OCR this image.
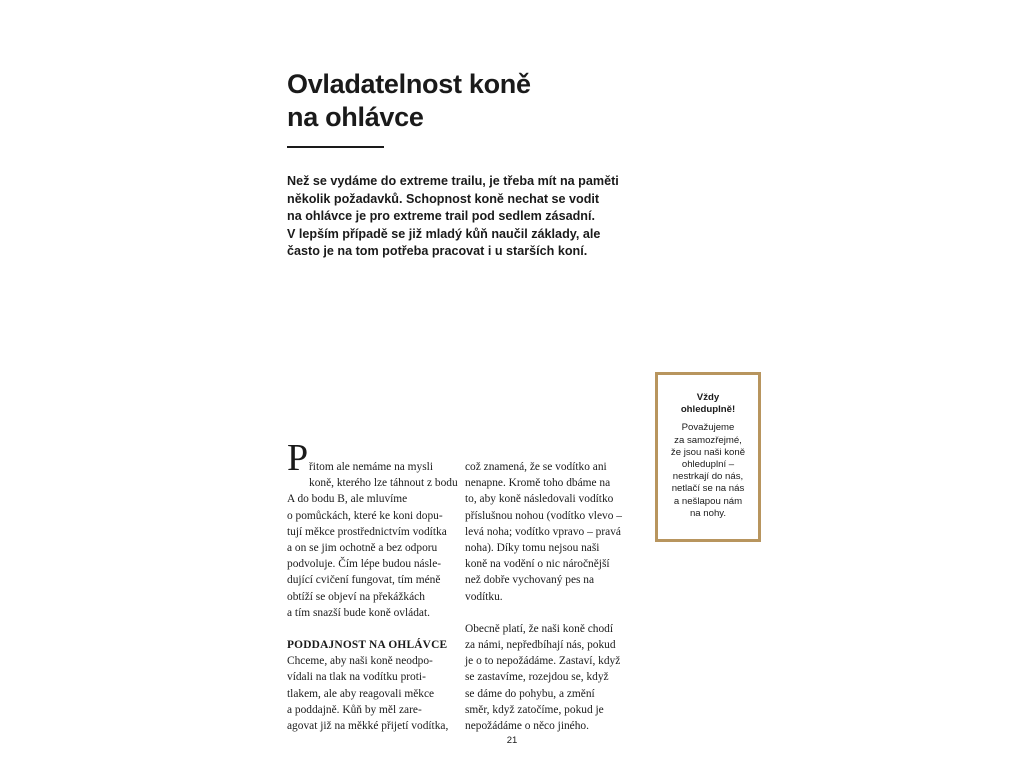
Ovladatelnost koně
na ohlávce

Než se vydáme do extreme trailu, je třeba mít na paměti
několik požadavků. Schopnost koně nechat se vodit
na ohlávce je pro extreme trail pod sedlem zásadní.
V lepším případě se již mladý kůň naučil základy, ale
často je na tom potřeba pracovat i u starších koní.

Vždy
ohleduplně!
Považujeme
za samozřejmé,
že jsou naši koně
ohleduplní –
nestrkají do nás,
netlačí se na nás
a nešlapou nám
na nohy.
P řitom ale nemáme na mysli
koně, kterého lze táhnout z bodu
A do bodu B, ale mluvíme
o pomůckách, které ke koni dopu-
tují měkce prostřednictvím vodítka
a on se jim ochotně a bez odporu
podvoluje. Čím lépe budou násle-
dující cvičení fungovat, tím méně
obtíží se objeví na překážkách
a tím snazší bude koně ovládat.
PODDAJNOST NA OHLÁVCE
Chceme, aby naši koně neodpo-
vídali na tlak na vodítku proti-
tlakem, ale aby reagovali měkce
a poddajně. Kůň by měl zare-
agovat již na měkké přijetí vodítka,
což znamená, že se vodítko ani
nenapne. Kromě toho dbáme na
to, aby koně následovali vodítko
příslušnou nohou (vodítko vlevo –
levá noha; vodítko vpravo – pravá
noha). Díky tomu nejsou naši
koně na vodění o nic náročnější
než dobře vychovaný pes na
vodítku.
Obecně platí, že naši koně chodí
za námi, nepředbíhají nás, pokud
je o to nepožádáme. Zastaví, když
se zastavíme, rozejdou se, když
se dáme do pohybu, a změní
směr, když zatočíme, pokud je
nepožádáme o něco jiného.
21
